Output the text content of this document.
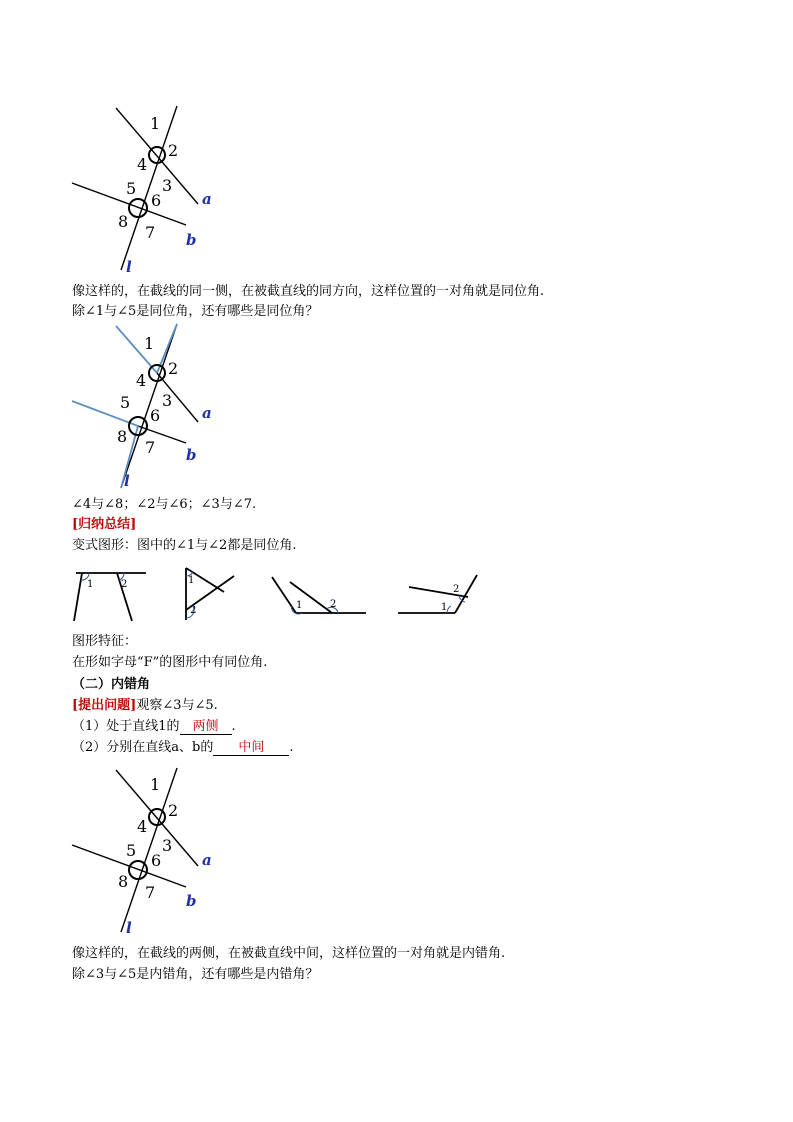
1
2
3
4
5
6
7
8
a
b
l
像这样的，在截线的同一侧，在被截直线的同方向，这样位置的一对角就是同位角.
除∠1与∠5是同位角，还有哪些是同位角？
1
2
3
4
5
6
7
8
a
b
l
∠4与∠8；∠2与∠6；∠3与∠7.
[归纳总结]
变式图形：图中的∠1与∠2都是同位角.
1	2	1
2	1	2	1
2
图形特征：
在形如字母“F”的图形中有同位角.
（二）内错角
[提出问题]观察∠3与∠5.
（1）处于直线1的 两侧 .
（2）分别在直线a、b的 中间 .
1
2
3
4
5
6
7
8
a
b
l
像这样的，在截线的两侧，在被截直线中间，这样位置的一对角就是内错角.
除∠3与∠5是内错角，还有哪些是内错角？
